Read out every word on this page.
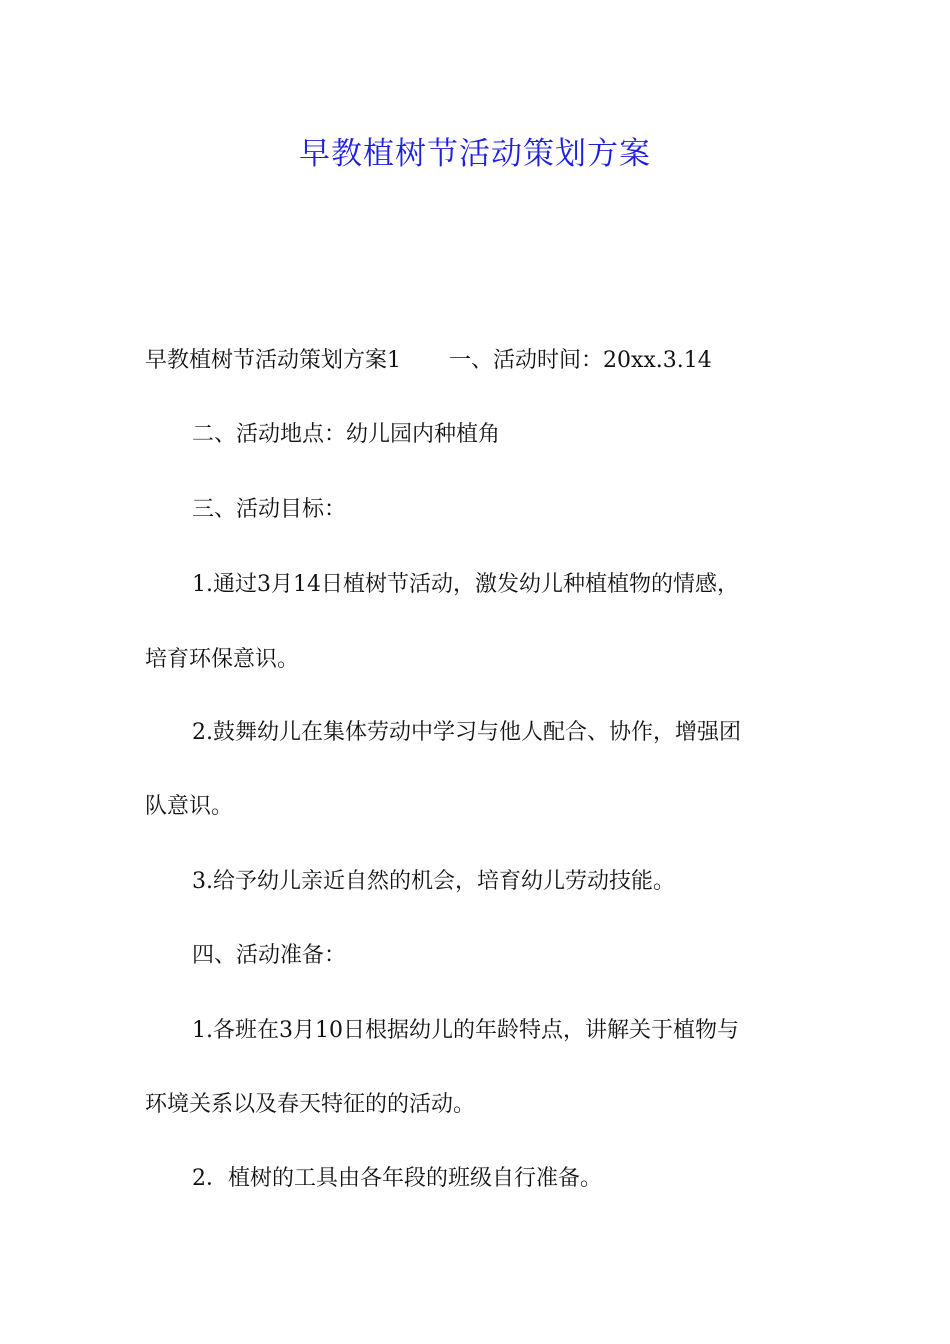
早教植树节活动策划方案

早教植树节活动策划方案1 一、活动时间：20xx.3.14

二、活动地点：幼儿园内种植角

三、活动目标：

1.通过3月14日植树节活动，激发幼儿种植植物的情感，

培育环保意识。

2.鼓舞幼儿在集体劳动中学习与他人配合、协作，增强团

队意识。

3.给予幼儿亲近自然的机会，培育幼儿劳动技能。

四、活动准备：

1.各班在3月10日根据幼儿的年龄特点，讲解关于植物与

环境关系以及春天特征的的活动。

2．植树的工具由各年段的班级自行准备。
